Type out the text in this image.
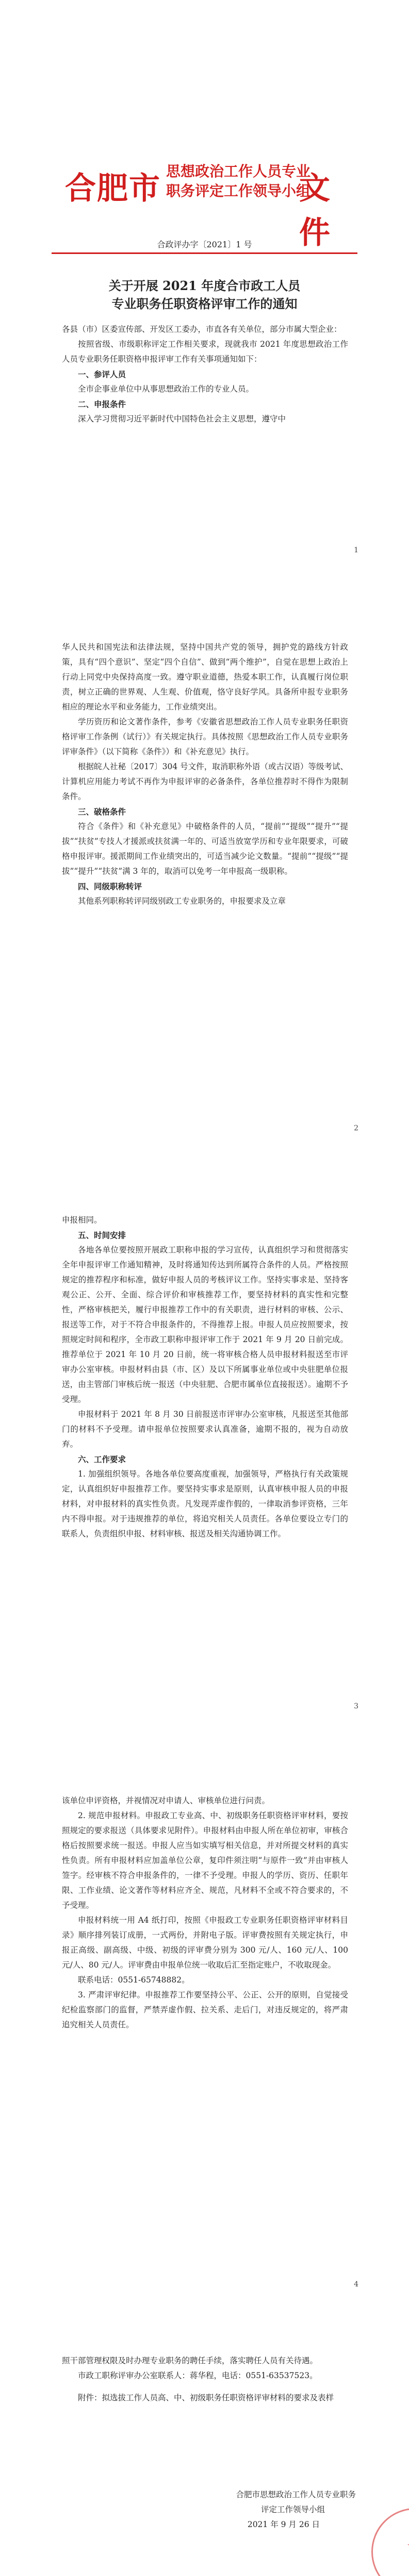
合肥市 思想政治工作人员专业
职务评定工作领导小组
文件
合政评办字〔2021〕1 号
关于开展 2021 年度合市政工人员
专业职务任职资格评审工作的通知

各县（市）区委宣传部、开发区工委办，市直各有关单位，部分市属大型企业：

按照省级、市级职称评定工作相关要求，现就我市 2021 年度思想政治工作人员专业职务任职资格申报评审工作有关事项通知如下：

一、参评人员

全市企事业单位中从事思想政治工作的专业人员。

二、申报条件

深入学习贯彻习近平新时代中国特色社会主义思想，遵守中

1

华人民共和国宪法和法律法规，坚持中国共产党的领导，拥护党的路线方针政策，具有“四个意识”、坚定“四个自信”、做到“两个维护”，自觉在思想上政治上行动上同党中央保持高度一致。遵守职业道德，热爱本职工作，认真履行岗位职责，树立正确的世界观、人生观、价值观，恪守良好学风。具备所申报专业职务相应的理论水平和业务能力，工作业绩突出。

学历资历和论文著作条件，参考《安徽省思想政治工作人员专业职务任职资格评审工作条例（试行）》有关规定执行。具体按照《思想政治工作人员专业职务评审条件》（以下简称《条件》）和《补充意见》执行。

根据皖人社秘〔2017〕304 号文件，取消职称外语（或古汉语）等级考试、计算机应用能力考试不再作为申报评审的必备条件，各单位推荐时不得作为限制条件。

三、破格条件

符合《条件》和《补充意见》中破格条件的人员，“提前”“提级”“提升”“提拔”“扶贫”专技人才援派或扶贫满一年的、可适当放宽学历和专业年限要求，可破格申报评审。援派期间工作业绩突出的，可适当减少论文数量。“提前”“提级”“提拔”“提升”“扶贫”满 3 年的，取消可以免考一年申报高一级职称。

四、同级职称转评

其他系列职称转评同级别政工专业职务的，申报要求及立章

2

申报相同。

五、时间安排

各地各单位要按照开展政工职称申报的学习宣传，认真组织学习和贯彻落实全年申报评审工作通知精神，及时将通知传达到所属符合条件的人员。严格按照规定的推荐程序和标准，做好申报人员的考核评议工作。坚持实事求是、坚持客观公正、公开、全面、综合评价和审核推荐工作，要坚持材料的真实性和完整性，严格审核把关，履行申报推荐工作中的有关职责，进行材料的审核、公示、报送等工作，对于不符合申报条件的，不得推荐上报。申报人员应按照要求，按照规定时间和程序，全市政工职称申报评审工作于 2021 年 9 月 20 日前完成。推荐单位于 2021 年 10 月 20 日前，统一将审核合格人员申报材料报送至市评审办公室审核。申报材料由县（市、区）及以下所属事业单位或中央驻肥单位报送，由主管部门审核后统一报送（中央驻肥、合肥市属单位直接报送）。逾期不予受理。

申报材料于 2021 年 8 月 30 日前报送市评审办公室审核，凡报送至其他部门的材料不予受理。请申报单位按照要求认真准备，逾期不报的，视为自动放弃。

六、工作要求

1. 加强组织领导。各地各单位要高度重视，加强领导，严格执行有关政策规定，认真组织好申报推荐工作。要坚持实事求是原则，认真审核申报人员的申报材料，对申报材料的真实性负责。凡发现弄虚作假的，一律取消参评资格，三年内不得申报。对于违规推荐的单位，将追究相关人员责任。各单位要设立专门的联系人，负责组织申报、材料审核、报送及相关沟通协调工作。

3

该单位申评资格，并视情况对申请人、审核单位进行问责。

2. 规范申报材料。申报政工专业高、中、初级职务任职资格评审材料，要按照规定的要求报送（具体要求见附件）。申报材料由申报人所在单位初审，审核合格后按照要求统一报送。申报人应当如实填写相关信息，并对所提交材料的真实性负责。所有申报材料应加盖单位公章，复印件须注明“与原件一致”并由审核人签字。经审核不符合申报条件的，一律不予受理。申报人的学历、资历、任职年限、工作业绩、论文著作等材料应齐全、规范，凡材料不全或不符合要求的，不予受理。

申报材料统一用 A4 纸打印，按照《申报政工专业职务任职资格评审材料目录》顺序排列装订成册，一式两份，并附电子版。评审费按照有关规定执行，申报正高级、副高级、中级、初级的评审费分别为 300 元/人、160 元/人、100 元/人、80 元/人。评审费由申报单位统一收取后汇至指定账户，不收取现金。

联系电话：0551-65748882。

3. 严肃评审纪律。申报推荐工作要坚持公平、公正、公开的原则，自觉接受纪检监察部门的监督，严禁弄虚作假、拉关系、走后门，对违反规定的，将严肃追究相关人员责任。

4

照干部管理权限及时办理专业职务的聘任手续，落实聘任人员有关待遇。

市政工职称评审办公室联系人：蒋华程，电话：0551-63537523。

附件：拟选拔工作人员高、中、初级职务任职资格评审材料的要求及表样

★

合肥市思想政治工作人员专业职务

评定工作领导小组

2021 年 9 月 26 日
